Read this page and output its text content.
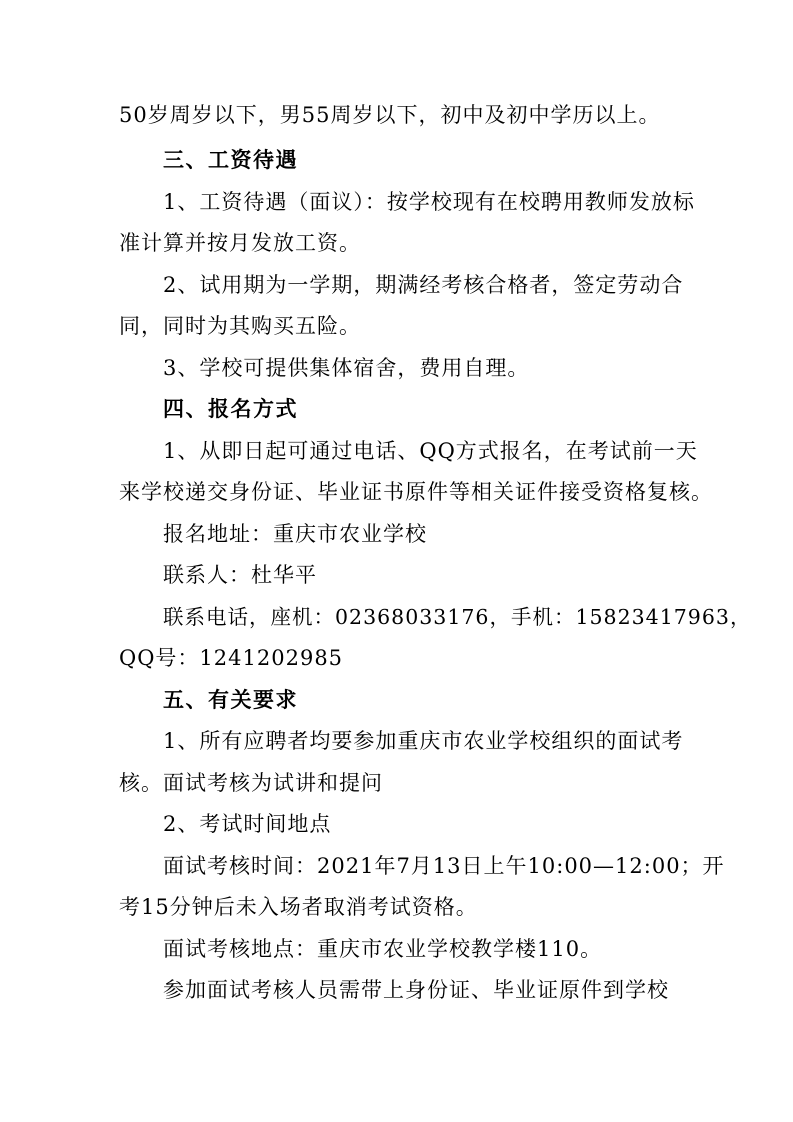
50岁周岁以下，男55周岁以下，初中及初中学历以上。
三、工资待遇
1、工资待遇（面议）：按学校现有在校聘用教师发放标
准计算并按月发放工资。
2、试用期为一学期，期满经考核合格者，签定劳动合
同，同时为其购买五险。
3、学校可提供集体宿舍，费用自理。
四、报名方式
1、从即日起可通过电话、QQ方式报名，在考试前一天
来学校递交身份证、毕业证书原件等相关证件接受资格复核。
报名地址：重庆市农业学校
联系人：杜华平
联系电话，座机：02368033176，手机：15823417963，
QQ号：1241202985
五、有关要求
1、所有应聘者均要参加重庆市农业学校组织的面试考
核。面试考核为试讲和提问
2、考试时间地点
面试考核时间：2021年7月13日上午10:00—12:00；开
考15分钟后未入场者取消考试资格。
面试考核地点：重庆市农业学校教学楼110。
参加面试考核人员需带上身份证、毕业证原件到学校
